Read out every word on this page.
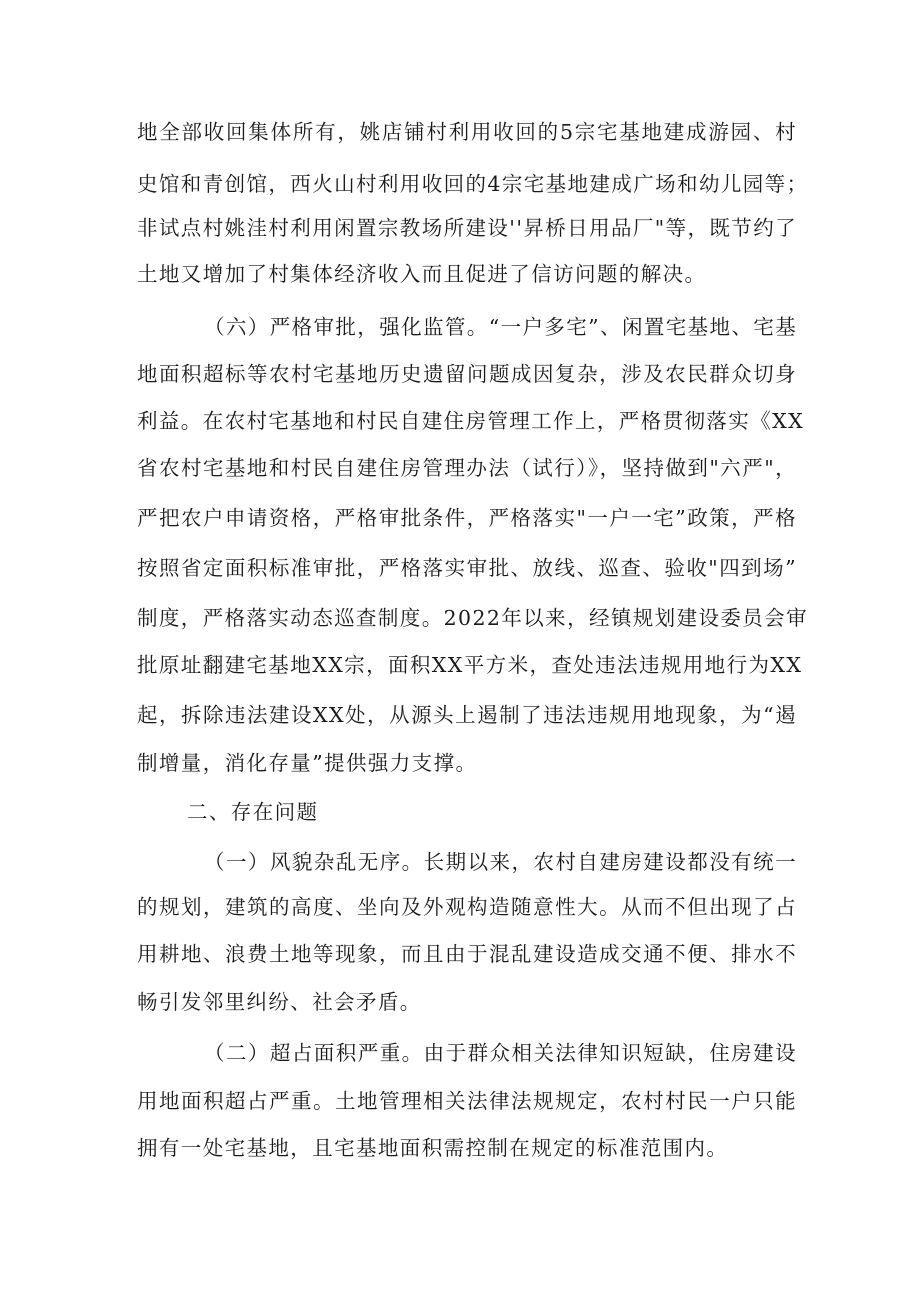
地全部收回集体所有，姚店铺村利用收回的5宗宅基地建成游园、村
史馆和青创馆，西火山村利用收回的4宗宅基地建成广场和幼儿园等；
非试点村姚洼村利用闲置宗教场所建设''昇桥日用品厂"等，既节约了
土地又增加了村集体经济收入而且促进了信访问题的解决。
（六）严格审批，强化监管。“一户多宅”、闲置宅基地、宅基
地面积超标等农村宅基地历史遗留问题成因复杂，涉及农民群众切身
利益。在农村宅基地和村民自建住房管理工作上，严格贯彻落实《XX
省农村宅基地和村民自建住房管理办法（试行）》，坚持做到"六严"，
严把农户申请资格，严格审批条件，严格落实"一户一宅”政策，严格
按照省定面积标准审批，严格落实审批、放线、巡查、验收"四到场”
制度，严格落实动态巡查制度。2022年以来，经镇规划建设委员会审
批原址翻建宅基地XX宗，面积XX平方米，查处违法违规用地行为XX
起，拆除违法建设XX处，从源头上遏制了违法违规用地现象，为“遏
制增量，消化存量”提供强力支撑。
二、存在问题
（一）风貌杂乱无序。长期以来，农村自建房建设都没有统一
的规划，建筑的高度、坐向及外观构造随意性大。从而不但出现了占
用耕地、浪费土地等现象，而且由于混乱建设造成交通不便、排水不
畅引发邻里纠纷、社会矛盾。
（二）超占面积严重。由于群众相关法律知识短缺，住房建设
用地面积超占严重。土地管理相关法律法规规定，农村村民一户只能
拥有一处宅基地，且宅基地面积需控制在规定的标准范围内。
